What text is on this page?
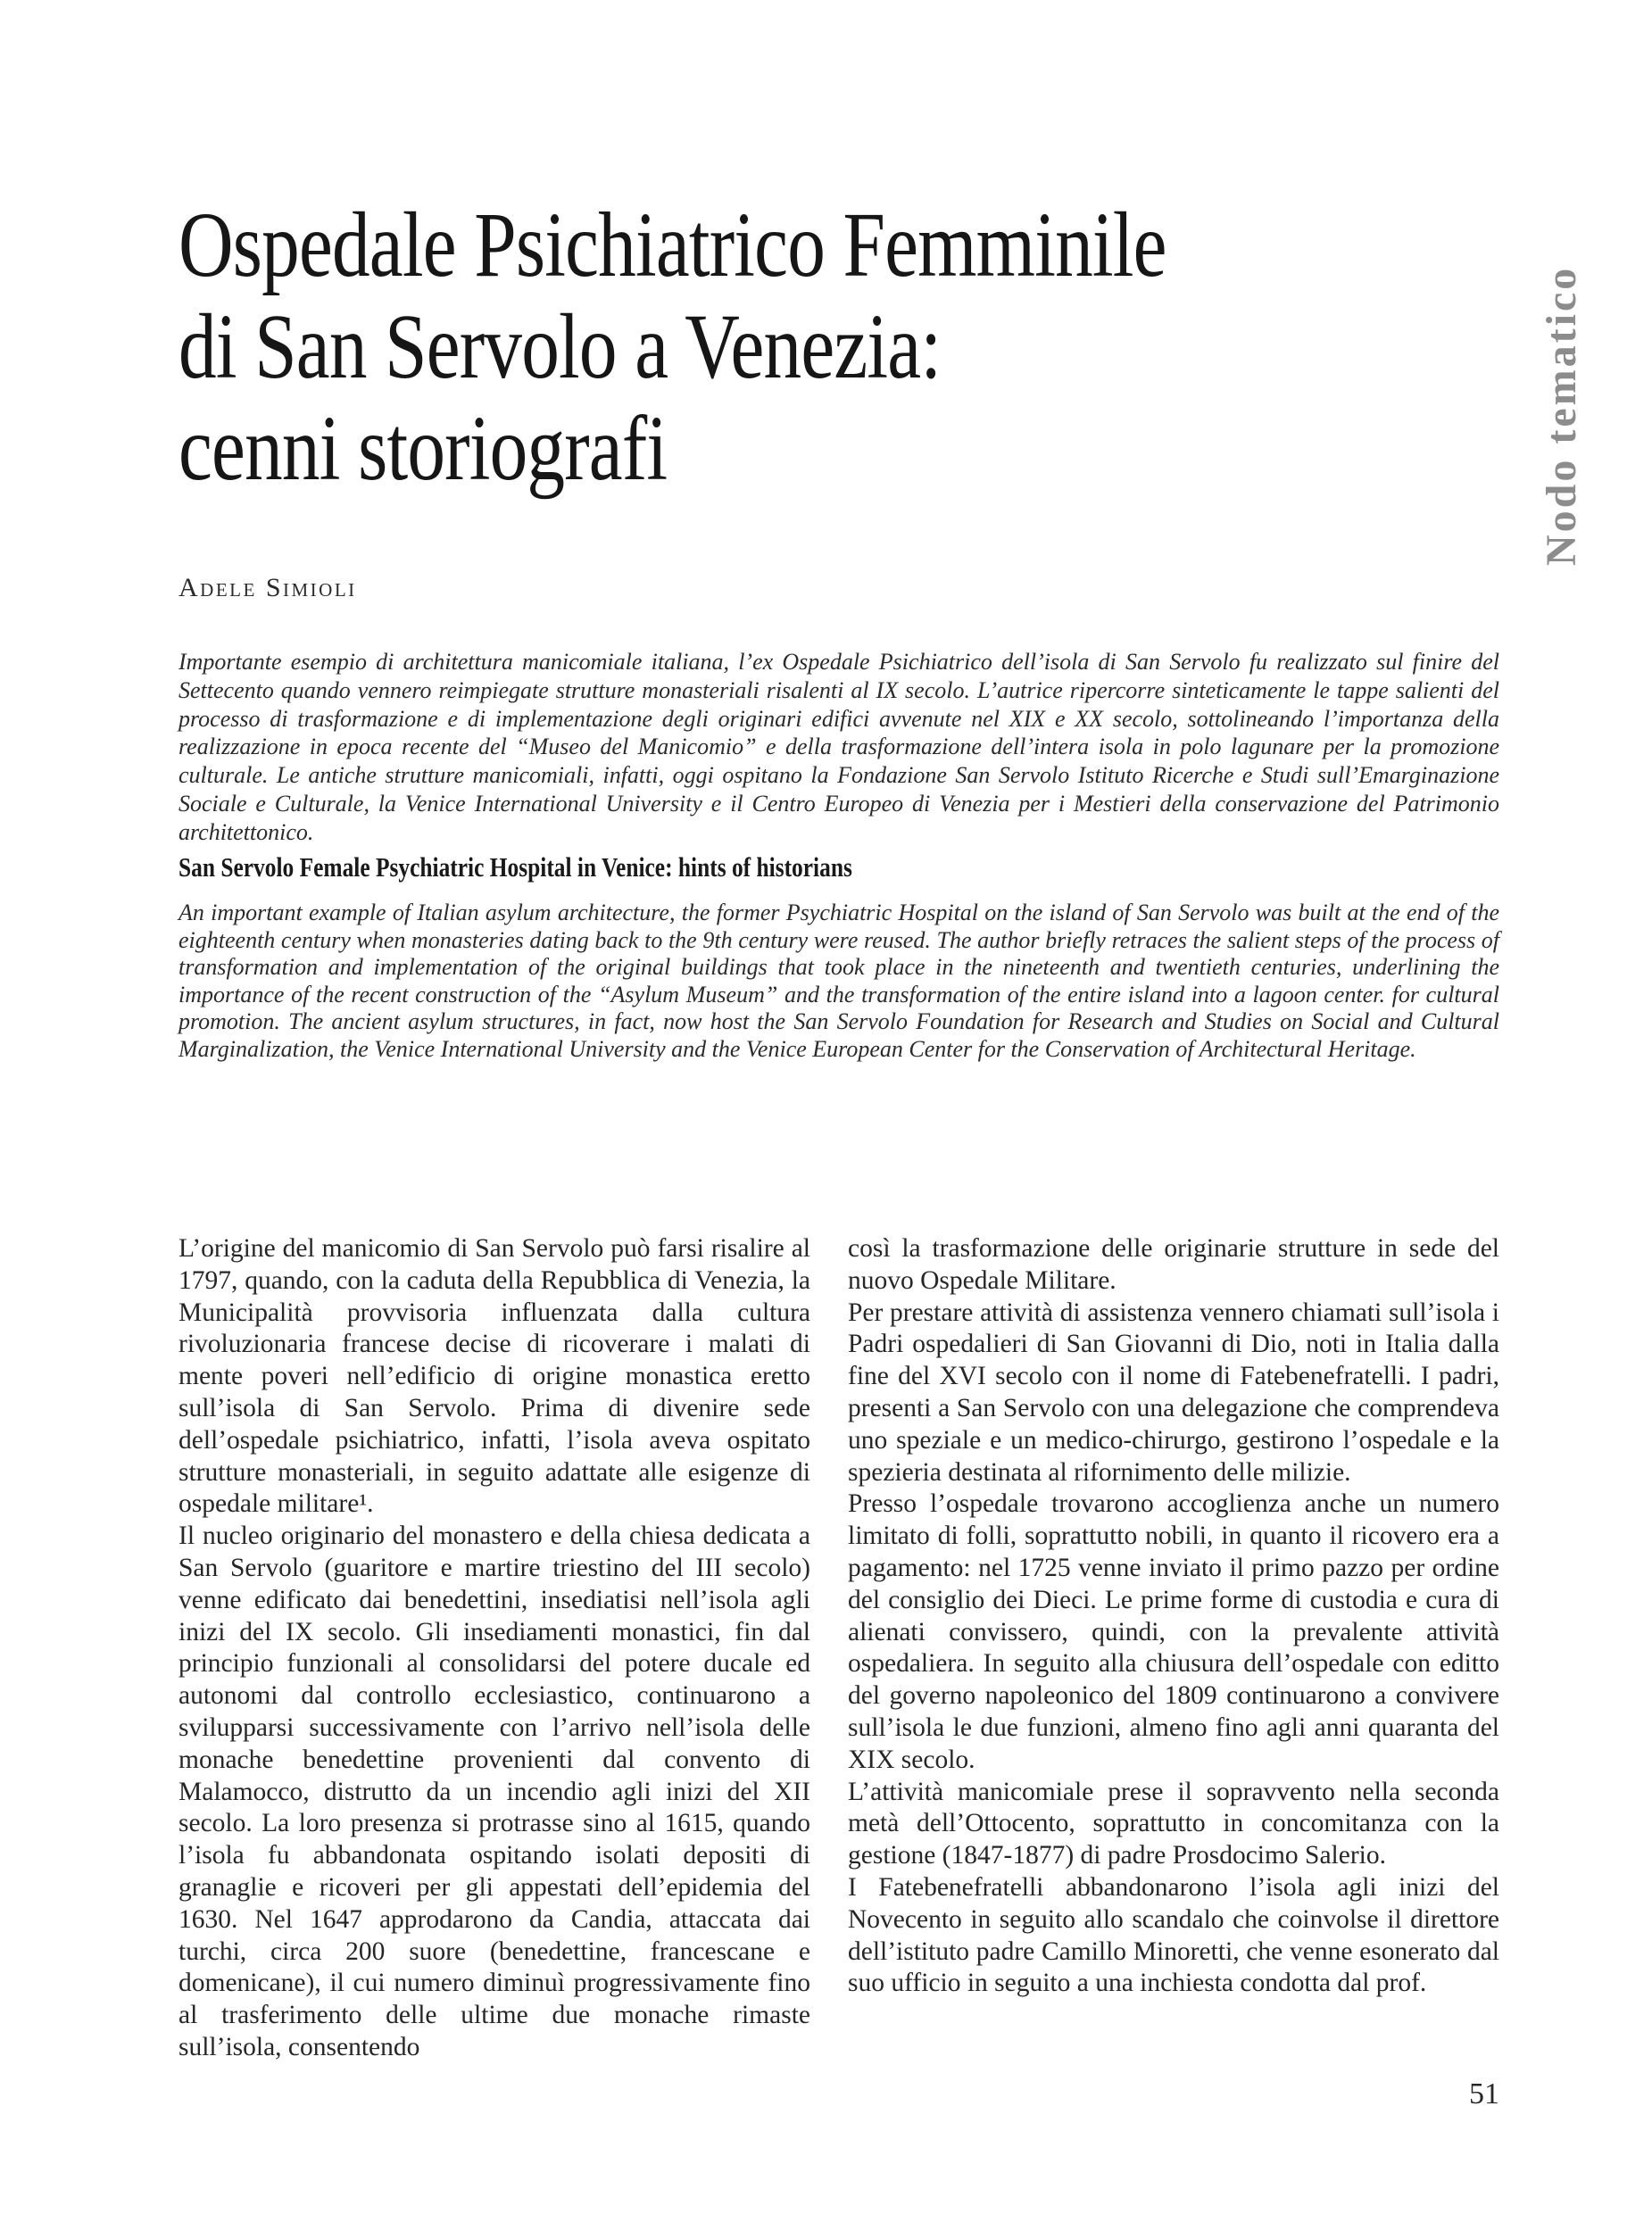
Nodo tematico
Ospedale Psichiatrico Femminile
di San Servolo a Venezia:
cenni storiografi
Adele Simioli
Importante esempio di architettura manicomiale italiana, l’ex Ospedale Psichiatrico dell’isola di San Servolo fu realizzato sul finire del Settecento quando vennero reimpiegate strutture monasteriali risalenti al IX secolo. L’autrice ripercorre sinteticamente le tappe salienti del processo di trasformazione e di implementazione degli originari edifici avvenute nel XIX e XX secolo, sottolineando l’importanza della realizzazione in epoca recente del “Museo del Manicomio” e della trasformazione dell’intera isola in polo lagunare per la promozione culturale. Le antiche strutture manicomiali, infatti, oggi ospitano la Fondazione San Servolo Istituto Ricerche e Studi sull’Emarginazione Sociale e Culturale, la Venice International University e il Centro Europeo di Venezia per i Mestieri della conservazione del Patrimonio architettonico.
San Servolo Female Psychiatric Hospital in Venice: hints of historians
An important example of Italian asylum architecture, the former Psychiatric Hospital on the island of San Servolo was built at the end of the eighteenth century when monasteries dating back to the 9th century were reused. The author briefly retraces the salient steps of the process of transformation and implementation of the original buildings that took place in the nineteenth and twentieth centuries, underlining the importance of the recent construction of the “Asylum Museum” and the transformation of the entire island into a lagoon center. for cultural promotion. The ancient asylum structures, in fact, now host the San Servolo Foundation for Research and Studies on Social and Cultural Marginalization, the Venice International University and the Venice European Center for the Conservation of Architectural Heritage.

L’origine del manicomio di San Servolo può farsi risalire al 1797, quando, con la caduta della Repubblica di Venezia, la Municipalità provvisoria influenzata dalla cultura rivoluzionaria francese decise di ricoverare i malati di mente poveri nell’edificio di origine monastica eretto sull’isola di San Servolo. Prima di divenire sede dell’ospedale psichiatrico, infatti, l’isola aveva ospitato strutture monasteriali, in seguito adattate alle esigenze di ospedale militare¹.

Il nucleo originario del monastero e della chiesa dedicata a San Servolo (guaritore e martire triestino del III secolo) venne edificato dai benedettini, insediatisi nell’isola agli inizi del IX secolo. Gli insediamenti monastici, fin dal principio funzionali al consolidarsi del potere ducale ed autonomi dal controllo ecclesiastico, continuarono a svilupparsi successivamente con l’arrivo nell’isola delle monache benedettine provenienti dal convento di Malamocco, distrutto da un incendio agli inizi del XII secolo. La loro presenza si protrasse sino al 1615, quando l’isola fu abbandonata ospitando isolati depositi di granaglie e ricoveri per gli appestati dell’epidemia del 1630. Nel 1647 approdarono da Candia, attaccata dai turchi, circa 200 suore (benedettine, francescane e domenicane), il cui numero diminuì progressivamente fino al trasferimento delle ultime due monache rimaste sull’isola, consentendo

così la trasformazione delle originarie strutture in sede del nuovo Ospedale Militare.

Per prestare attività di assistenza vennero chiamati sull’isola i Padri ospedalieri di San Giovanni di Dio, noti in Italia dalla fine del XVI secolo con il nome di Fatebenefratelli. I padri, presenti a San Servolo con una delegazione che comprendeva uno speziale e un medico-chirurgo, gestirono l’ospedale e la spezieria destinata al rifornimento delle milizie.

Presso l’ospedale trovarono accoglienza anche un numero limitato di folli, soprattutto nobili, in quanto il ricovero era a pagamento: nel 1725 venne inviato il primo pazzo per ordine del consiglio dei Dieci. Le prime forme di custodia e cura di alienati convissero, quindi, con la prevalente attività ospedaliera. In seguito alla chiusura dell’ospedale con editto del governo napoleonico del 1809 continuarono a convivere sull’isola le due funzioni, almeno fino agli anni quaranta del XIX secolo.

L’attività manicomiale prese il sopravvento nella seconda metà dell’Ottocento, soprattutto in concomitanza con la gestione (1847-1877) di padre Prosdocimo Salerio.

I Fatebenefratelli abbandonarono l’isola agli inizi del Novecento in seguito allo scandalo che coinvolse il direttore dell’istituto padre Camillo Minoretti, che venne esonerato dal suo ufficio in seguito a una inchiesta condotta dal prof.

51
